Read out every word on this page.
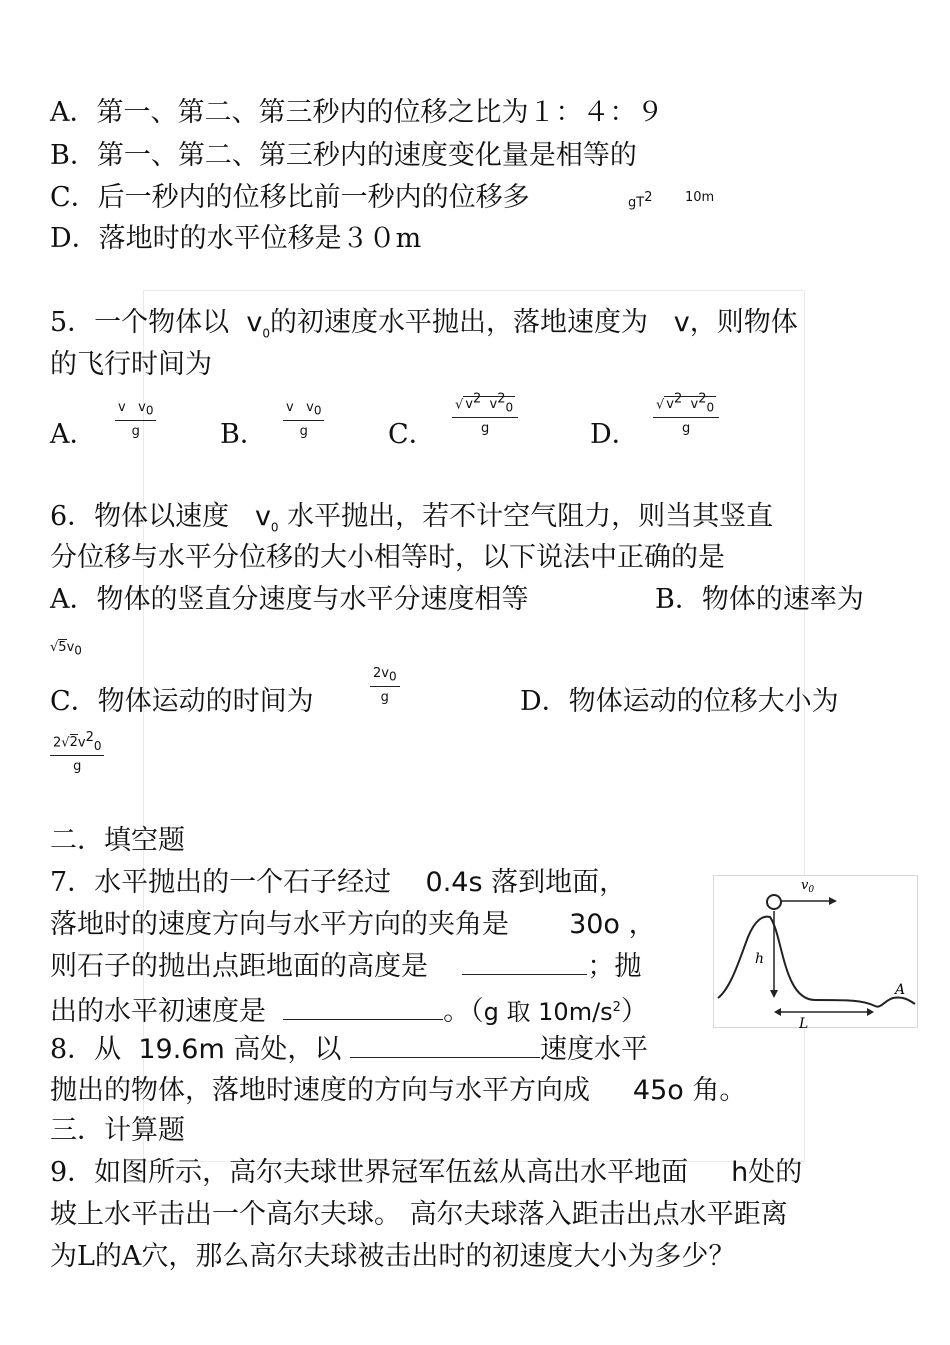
A．第一、第二、第三秒内的位移之比为１：４：９
B．第一、第二、第三秒内的速度变化量是相等的
C．后一秒内的位移比前一秒内的位移多	$gT^2$	10m
D．落地时的水平位移是３０m
5．一个物体以 $v_0$的初速度水平抛出，落地速度为 v，则物体
的飞行时间为
A． $\frac{v v_0}{g}$ B． $\frac{v v_0}{g}$ C． $\frac{√ v^2 v^2_0}{g}$	D． $\frac{√ v^2 v^2_0}{g}$
6．物体以速度 $v_0$ 水平抛出，若不计空气阻力，则当其竖直
分位移与水平分位移的大小相等时，以下说法中正确的是
A．物体的竖直分速度与水平分速度相等	B．物体的速率为
$√5v_0$
C．物体运动的时间为	$\frac{2v_0}{g}$	D．物体运动的位移大小为
$\frac{2√2v^2_0}{g}$
二．填空题
7．水平抛出的一个石子经过 0.4s 落到地面，
落地时的速度方向与水平方向的夹角是 30o ，
则石子的抛出点距地面的高度是	；抛
出的水平初速度是	。（g 取 $10m/s^2$）
8．从 19.6m 高处，以	速度水平
抛出的物体，落地时速度的方向与水平方向成 45o 角。
三．计算题
9．如图所示，高尔夫球世界冠军伍兹从高出水平地面 h处的
坡上水平击出一个高尔夫球。 高尔夫球落入距击出点水平距离
为L的A穴，那么高尔夫球被击出时的初速度大小为多少？
$v_0$
h
L
A
